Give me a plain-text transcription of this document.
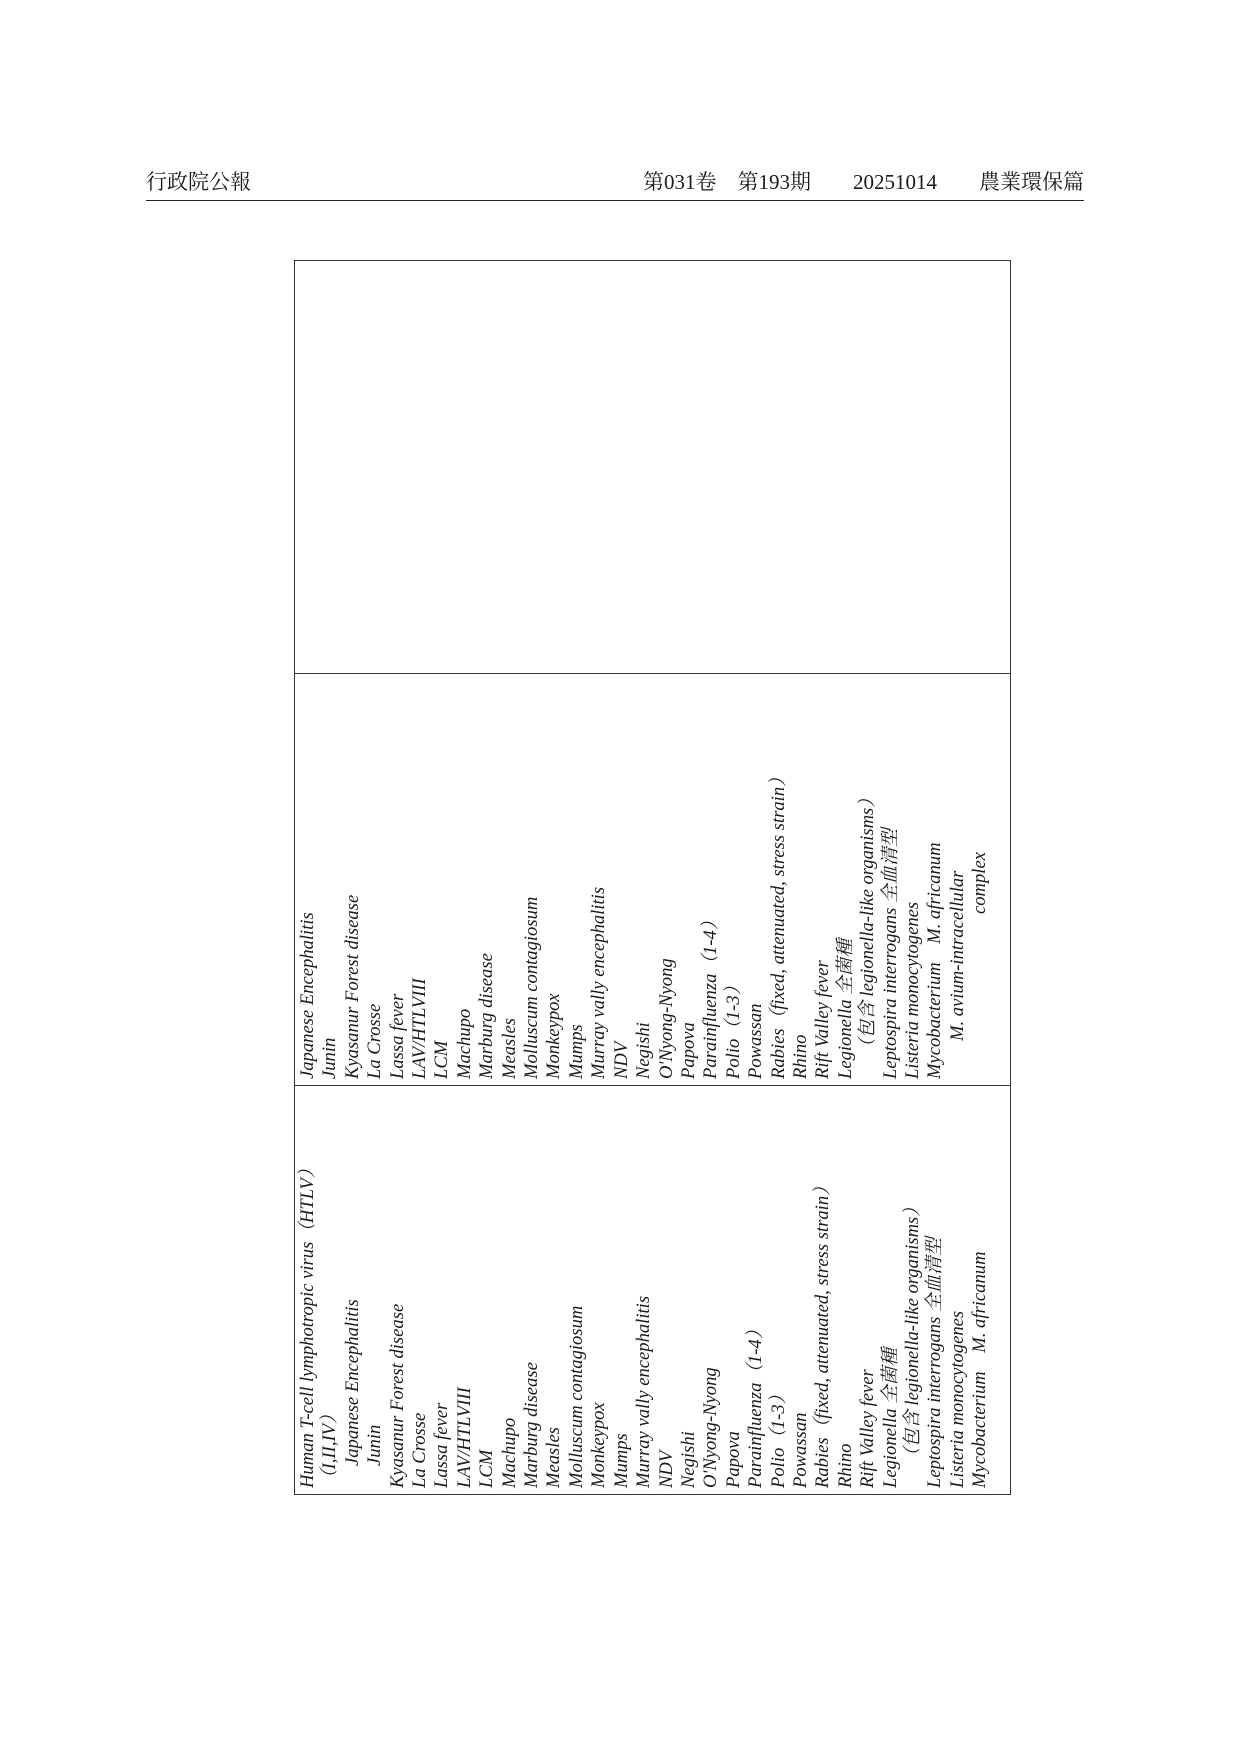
行政院公報	第031卷　第193期　　20251014　　農業環保篇
Human T-cell lymphotropic virus（HTLV） （I,II,IV） Japanese Encephalitis Junin Kyasanur Forest disease La Crosse Lassa fever LAV/HTLVIII LCM Machupo Marburg disease Measles Molluscum contagiosum Monkeypox Mumps Murray vally encephalitis NDV Negishi O'Nyong-Nyong Papova Parainfluenza（1-4） Polio（1-3） Powassan Rabies（fixed, attenuated, stress strain） Rhino Rift Valley fever Legionella 全菌種 （包含 legionella-like organisms） Leptospira interrogans 全血清型 Listeria monocytogenes Mycobacterium　M. africanum
Japanese Encephalitis Junin Kyasanur Forest disease La Crosse Lassa fever LAV/HTLVIII LCM Machupo Marburg disease Measles Molluscum contagiosum Monkeypox Mumps Murray vally encephalitis NDV Negishi O'Nyong-Nyong Papova Parainfluenza（1-4） Polio（1-3） Powassan Rabies（fixed, attenuated, stress strain） Rhino Rift Valley fever Legionella 全菌種 （包含 legionella-like organisms） Leptospira interrogans 全血清型 Listeria monocytogenes Mycobacterium　M. africanum M. avium-intracellular complex
